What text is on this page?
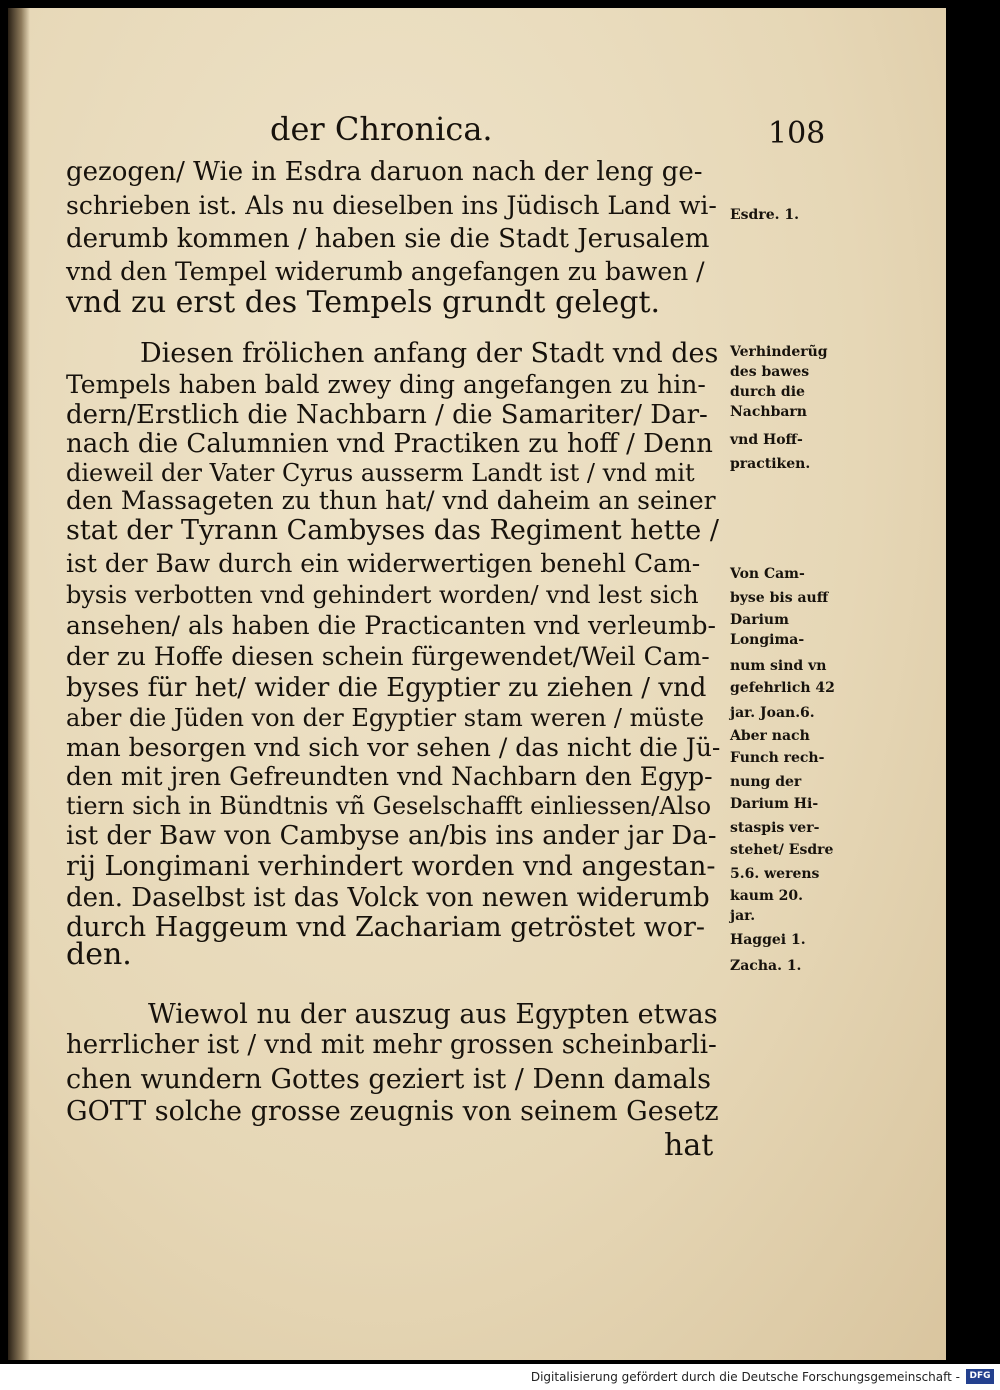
der Chronica.	108

gezogen/ Wie in Esdra daruon nach der leng ge-

schrieben ist. Als nu dieselben ins Jüdisch Land wi-

derumb kommen / haben sie die Stadt Jerusalem

vnd den Tempel widerumb angefangen zu bawen /

vnd zu erst des Tempels grundt gelegt.

Diesen frölichen anfang der Stadt vnd des

Tempels haben bald zwey ding angefangen zu hin-

dern/Erstlich die Nachbarn / die Samariter/ Dar-

nach die Calumnien vnd Practiken zu hoff / Denn

dieweil der Vater Cyrus ausserm Landt ist / vnd mit

den Massageten zu thun hat/ vnd daheim an seiner

stat der Tyrann Cambyses das Regiment hette /

ist der Baw durch ein widerwertigen benehl Cam-

bysis verbotten vnd gehindert worden/ vnd lest sich

ansehen/ als haben die Practicanten vnd verleumb-

der zu Hoffe diesen schein fürgewendet/Weil Cam-

byses für het/ wider die Egyptier zu ziehen / vnd

aber die Jüden von der Egyptier stam weren / müste

man besorgen vnd sich vor sehen / das nicht die Jü-

den mit jren Gefreundten vnd Nachbarn den Egyp-

tiern sich in Bündtnis vñ Geselschafft einliessen/Also

ist der Baw von Cambyse an/bis ins ander jar Da-

rij Longimani verhindert worden vnd angestan-

den. Daselbst ist das Volck von newen widerumb

durch Haggeum vnd Zachariam getröstet wor-

den.

Wiewol nu der auszug aus Egypten etwas

herrlicher ist / vnd mit mehr grossen scheinbarli-

chen wundern Gottes geziert ist / Denn damals

GOTT solche grosse zeugnis von seinem Gesetz

hat

Esdre. 1.

Verhinderũg

des bawes

durch die

Nachbarn

vnd Hoff-

practiken.

Von Cam-

byse bis auff

Darium

Longima-

num sind vn

gefehrlich 42

jar. Joan.6.

Aber nach

Funch rech-

nung der

Darium Hi-

staspis ver-

stehet/ Esdre

5.6. werens

kaum 20.

jar.

Haggei 1.

Zacha. 1.

Digitalisierung gefördert durch die Deutsche Forschungsgemeinschaft -	DFG
